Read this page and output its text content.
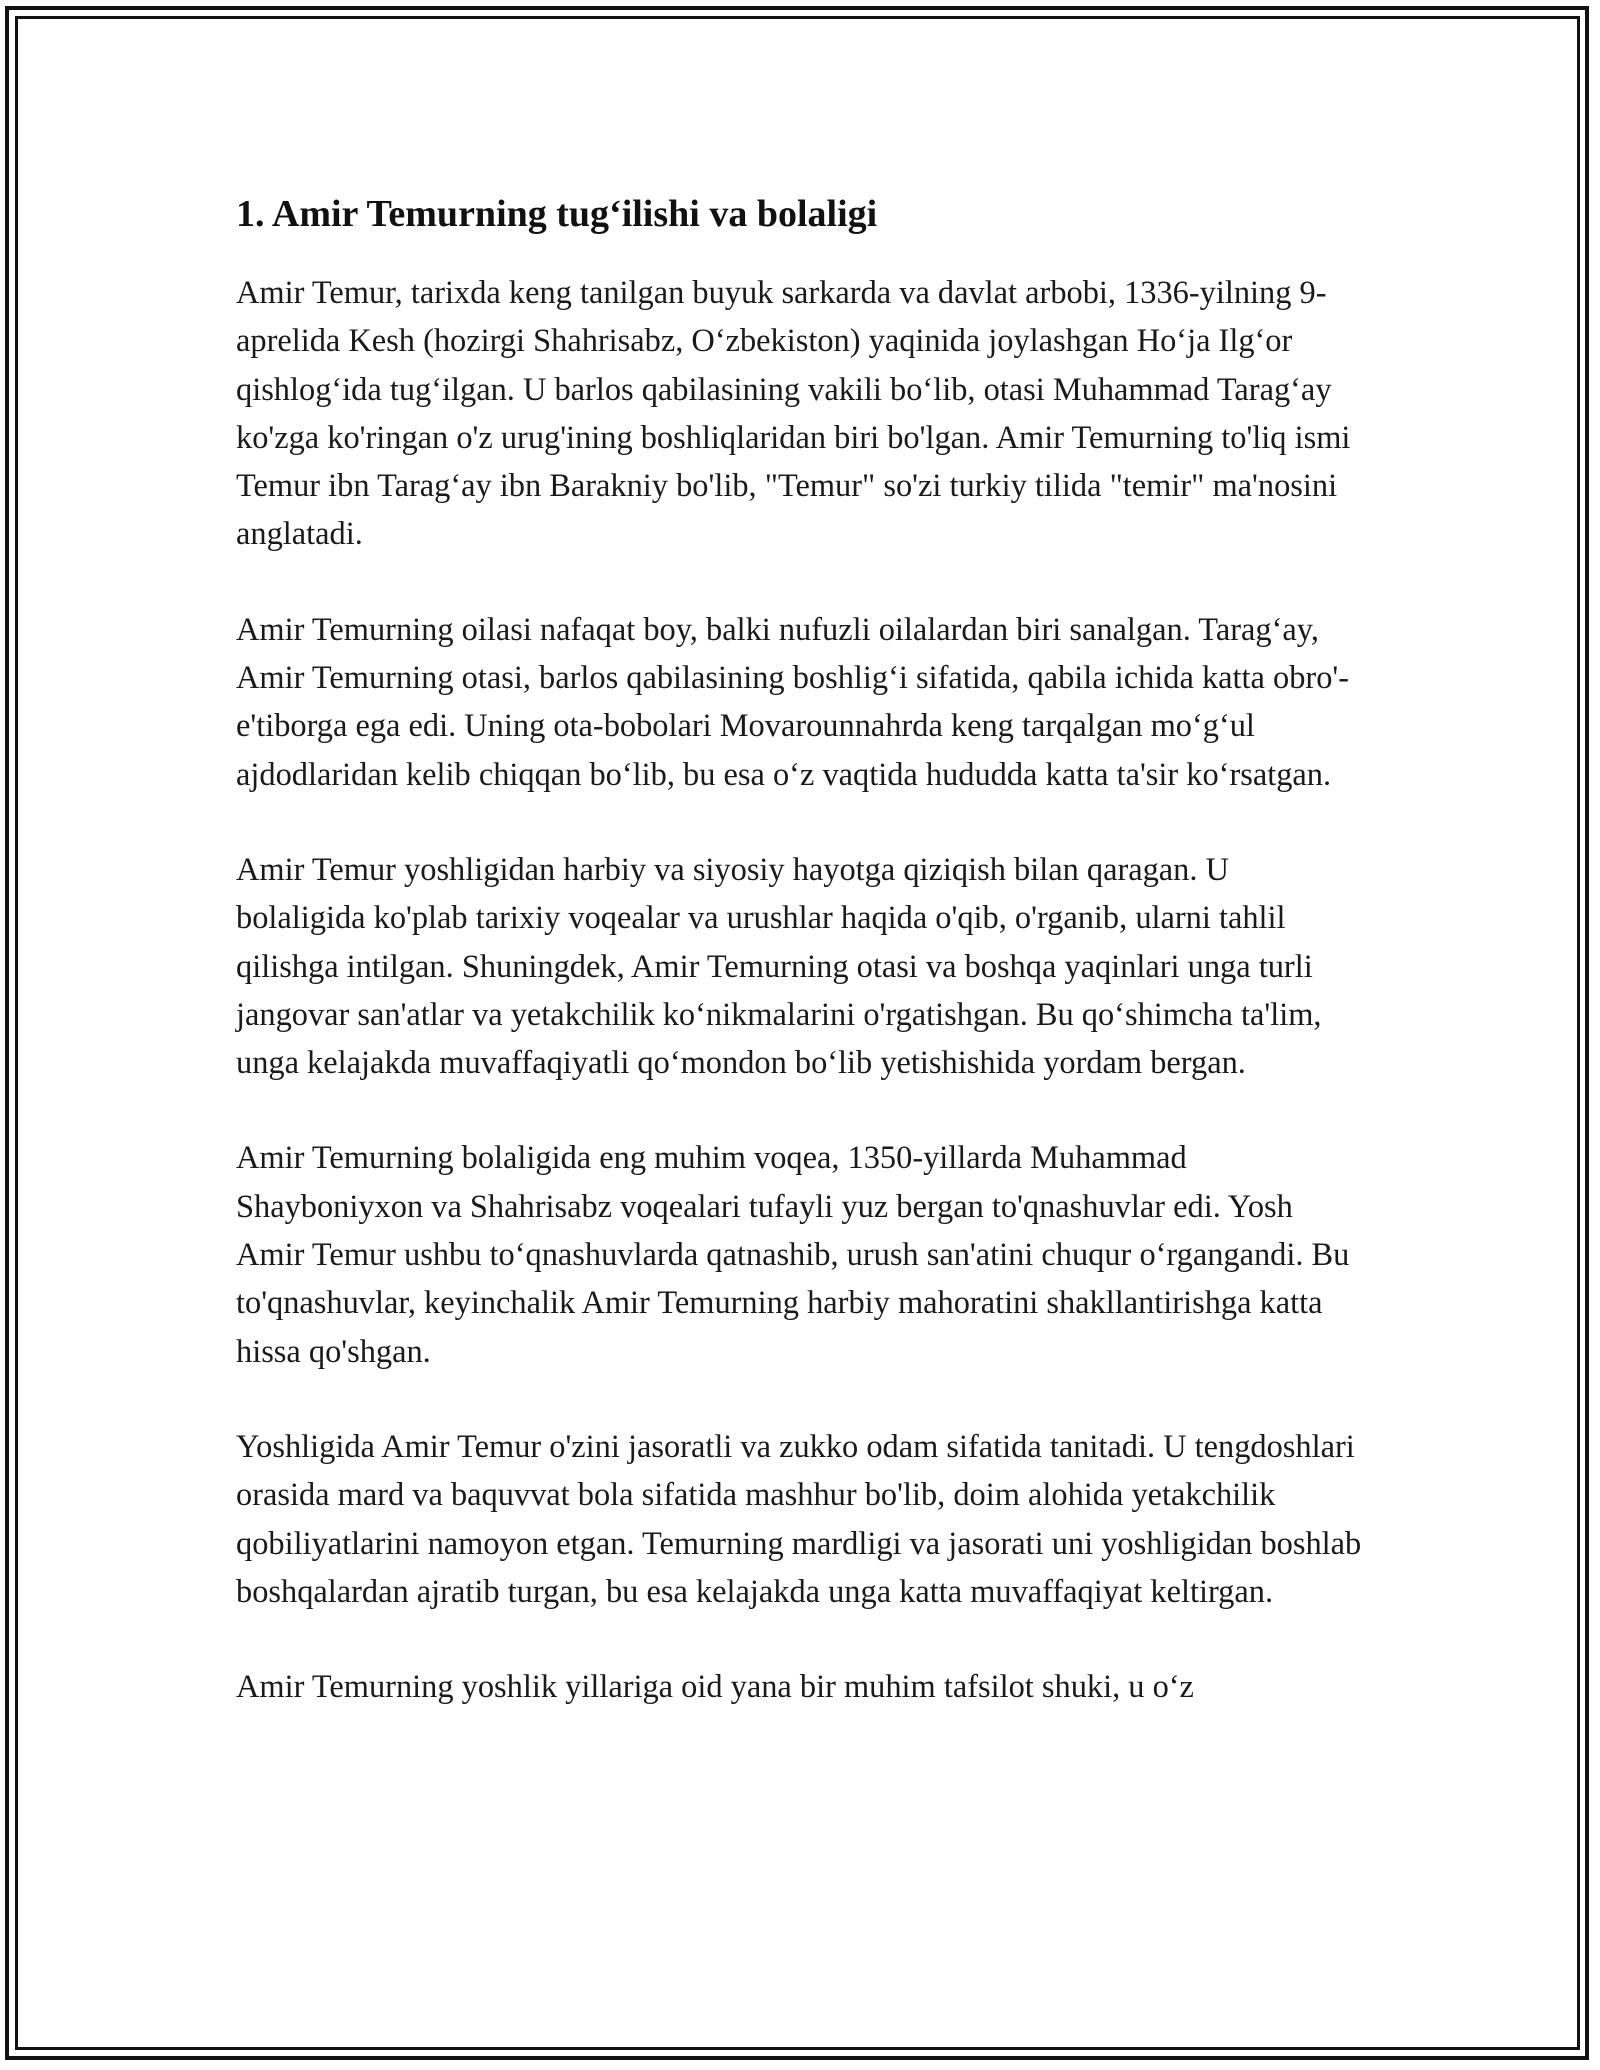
1. Amir Temurning tug‘ilishi va bolaligi

Amir Temur, tarixda keng tanilgan buyuk sarkarda va davlat arbobi, 1336-yilning 9-aprelida Kesh (hozirgi Shahrisabz, O‘zbekiston) yaqinida joylashgan Ho‘ja Ilg‘or qishlog‘ida tug‘ilgan. U barlos qabilasining vakili bo‘lib, otasi Muhammad Tarag‘ay ko'zga ko'ringan o'z urug'ining boshliqlaridan biri bo'lgan. Amir Temurning to'liq ismi Temur ibn Tarag‘ay ibn Barakniy bo'lib, "Temur" so'zi turkiy tilida "temir" ma'nosini anglatadi.

Amir Temurning oilasi nafaqat boy, balki nufuzli oilalardan biri sanalgan. Tarag‘ay, Amir Temurning otasi, barlos qabilasining boshlig‘i sifatida, qabila ichida katta obro'-e'tiborga ega edi. Uning ota-bobolari Movarounnahrda keng tarqalgan mo‘g‘ul ajdodlaridan kelib chiqqan bo‘lib, bu esa o‘z vaqtida hududda katta ta'sir ko‘rsatgan.

Amir Temur yoshligidan harbiy va siyosiy hayotga qiziqish bilan qaragan. U bolaligida ko'plab tarixiy voqealar va urushlar haqida o'qib, o'rganib, ularni tahlil qilishga intilgan. Shuningdek, Amir Temurning otasi va boshqa yaqinlari unga turli jangovar san'atlar va yetakchilik ko‘nikmalarini o'rgatishgan. Bu qo‘shimcha ta'lim, unga kelajakda muvaffaqiyatli qo‘mondon bo‘lib yetishishida yordam bergan.

Amir Temurning bolaligida eng muhim voqea, 1350-yillarda Muhammad Shayboniyxon va Shahrisabz voqealari tufayli yuz bergan to'qnashuvlar edi. Yosh Amir Temur ushbu to‘qnashuvlarda qatnashib, urush san'atini chuqur o‘rgangandi. Bu to'qnashuvlar, keyinchalik Amir Temurning harbiy mahoratini shakllantirishga katta hissa qo'shgan.

Yoshligida Amir Temur o'zini jasoratli va zukko odam sifatida tanitadi. U tengdoshlari orasida mard va baquvvat bola sifatida mashhur bo'lib, doim alohida yetakchilik qobiliyatlarini namoyon etgan. Temurning mardligi va jasorati uni yoshligidan boshlab boshqalardan ajratib turgan, bu esa kelajakda unga katta muvaffaqiyat keltirgan.

Amir Temurning yoshlik yillariga oid yana bir muhim tafsilot shuki, u o‘z
